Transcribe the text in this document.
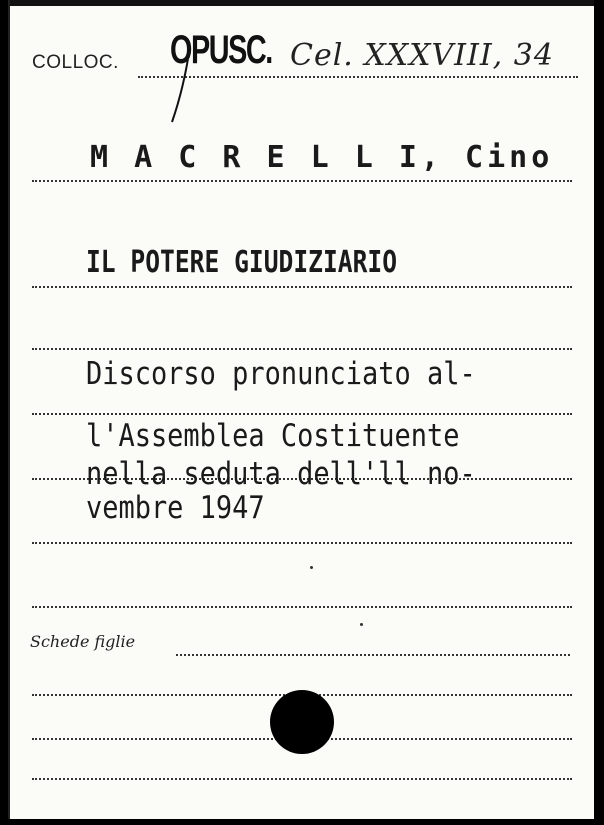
COLLOC. OPUSC. Cel. XXXVIII, 34
M A C R E L L I, Cino
IL POTERE GIUDIZIARIO
Discorso pronunciato al-
l'Assemblea Costituente
nella seduta dell'll no-
vembre 1947
Schede figlie
